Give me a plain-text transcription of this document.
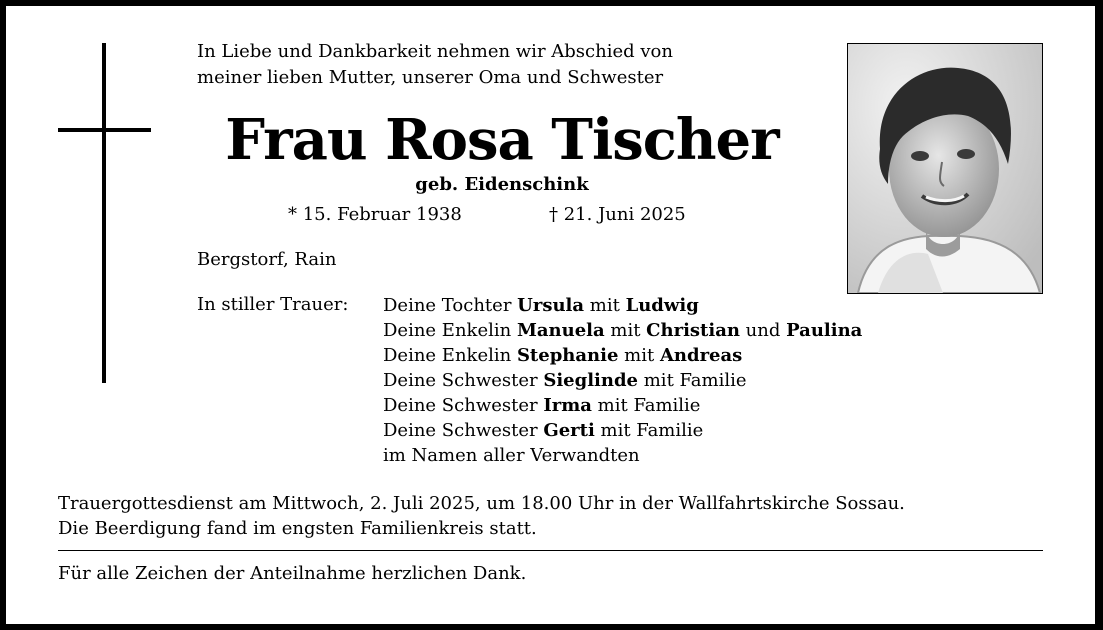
In Liebe und Dankbarkeit nehmen wir Abschied von
meiner lieben Mutter, unserer Oma und Schwester
Frau Rosa Tischer
geb. Eidenschink
* 15. Februar 1938	† 21. Juni 2025
Bergstorf, Rain
In stiller Trauer: Deine Tochter Ursula mit Ludwig
Deine Enkelin Manuela mit Christian und Paulina
Deine Enkelin Stephanie mit Andreas
Deine Schwester Sieglinde mit Familie
Deine Schwester Irma mit Familie
Deine Schwester Gerti mit Familie
im Namen aller Verwandten
Trauergottesdienst am Mittwoch, 2. Juli 2025, um 18.00 Uhr in der Wallfahrtskirche Sossau.
Die Beerdigung fand im engsten Familienkreis statt.
Für alle Zeichen der Anteilnahme herzlichen Dank.
